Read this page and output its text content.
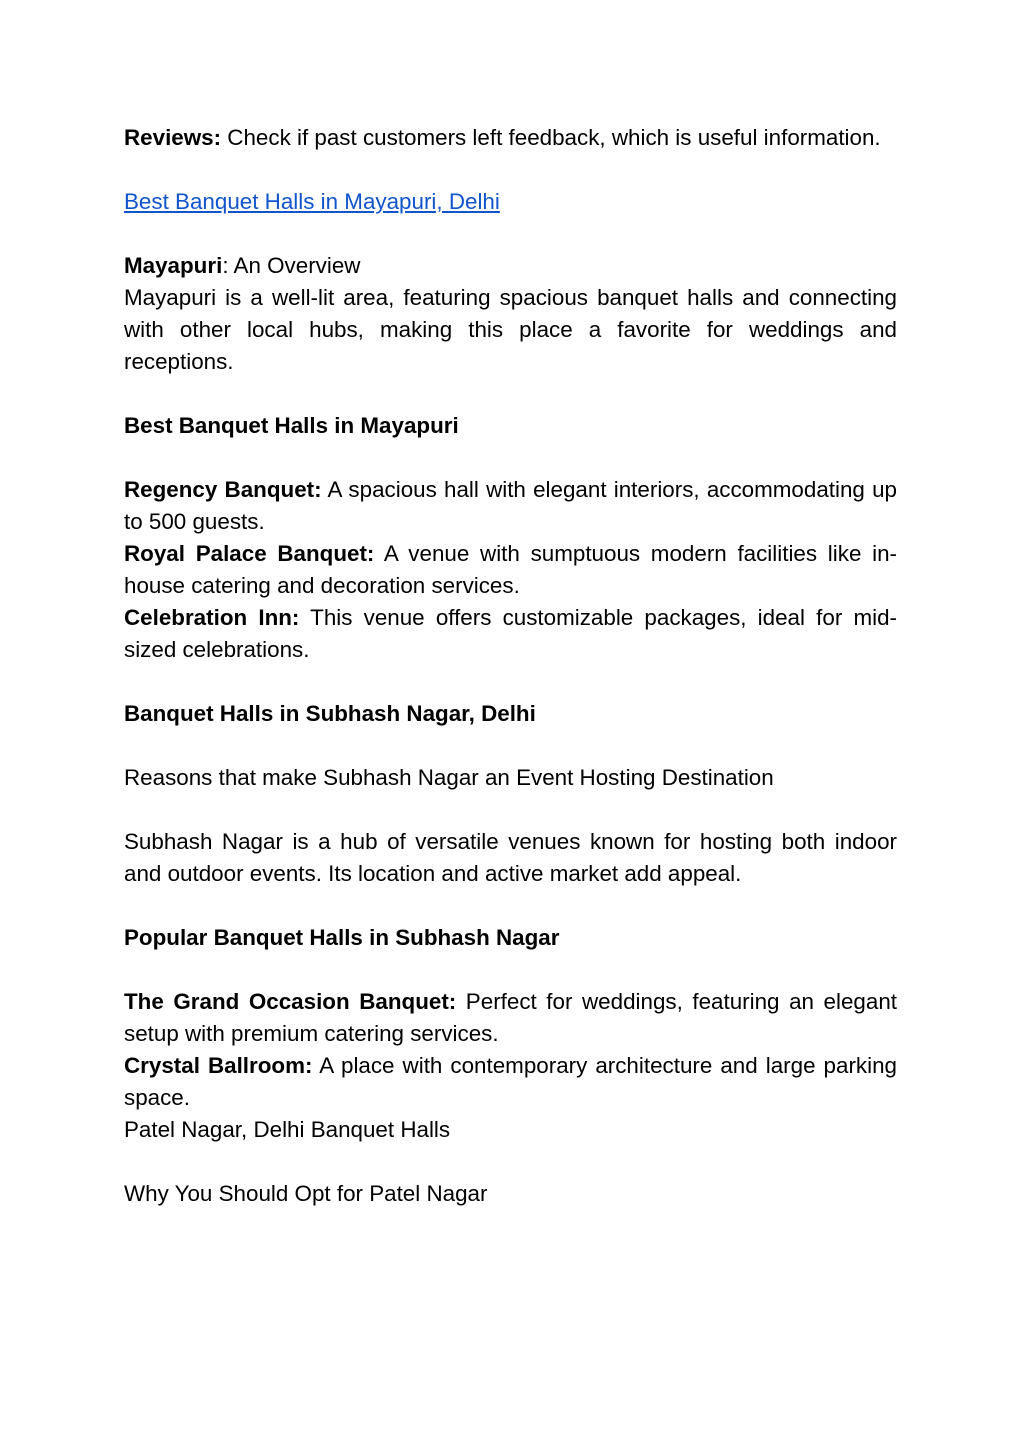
Reviews: Check if past customers left feedback, which is useful information.

Best Banquet Halls in Mayapuri, Delhi

Mayapuri: An Overview

Mayapuri is a well-lit area, featuring spacious banquet halls and connecting with other local hubs, making this place a favorite for weddings and receptions.

Best Banquet Halls in Mayapuri

Regency Banquet: A spacious hall with elegant interiors, accommodating up to 500 guests.

Royal Palace Banquet: A venue with sumptuous modern facilities like in-house catering and decoration services.

Celebration Inn: This venue offers customizable packages, ideal for mid-sized celebrations.

Banquet Halls in Subhash Nagar, Delhi

Reasons that make Subhash Nagar an Event Hosting Destination

Subhash Nagar is a hub of versatile venues known for hosting both indoor and outdoor events. Its location and active market add appeal.

Popular Banquet Halls in Subhash Nagar

The Grand Occasion Banquet: Perfect for weddings, featuring an elegant setup with premium catering services.

Crystal Ballroom: A place with contemporary architecture and large parking space.

Patel Nagar, Delhi Banquet Halls

Why You Should Opt for Patel Nagar
